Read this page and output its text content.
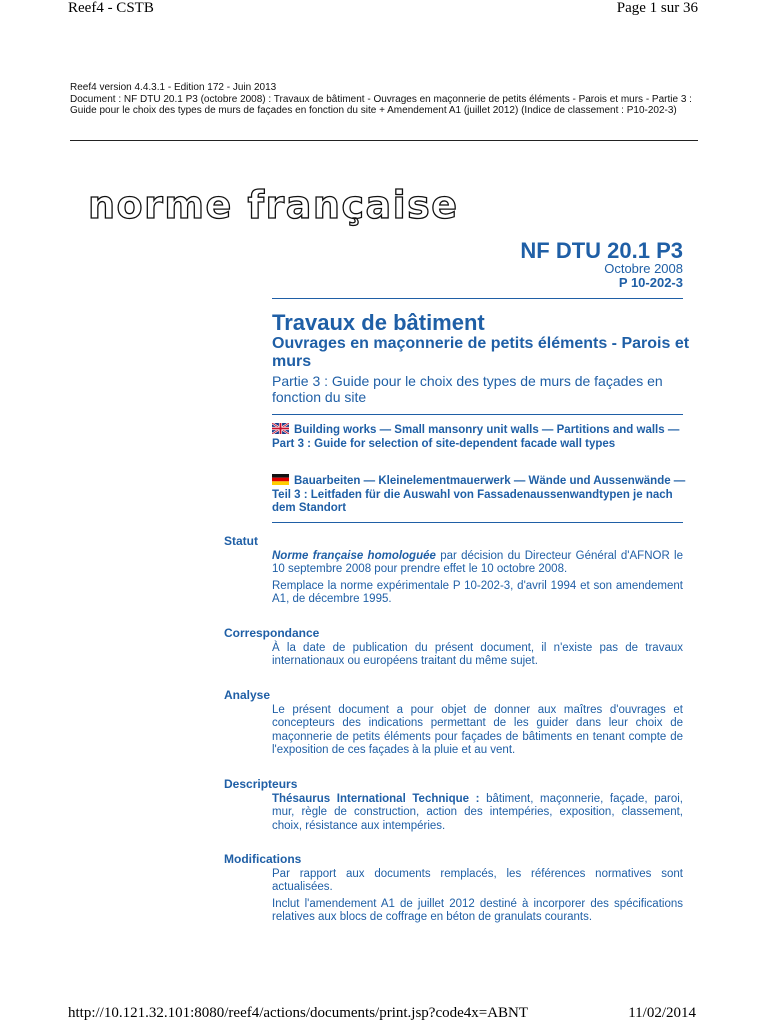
Reef4 - CSTB	Page 1 sur 36
Reef4 version 4.4.3.1 - Edition 172 - Juin 2013
Document : NF DTU 20.1 P3 (octobre 2008) : Travaux de bâtiment - Ouvrages en maçonnerie de petits éléments - Parois et murs - Partie 3 : Guide pour le choix des types de murs de façades en fonction du site + Amendement A1 (juillet 2012) (Indice de classement : P10-202-3)
norme française
NF DTU 20.1 P3
Octobre 2008
P 10-202-3
Travaux de bâtiment
Ouvrages en maçonnerie de petits éléments - Parois et murs
Partie 3 : Guide pour le choix des types de murs de façades en fonction du site
Building works — Small mansonry unit walls — Partitions and walls — Part 3 : Guide for selection of site-dependent facade wall types
Bauarbeiten — Kleinelementmauerwerk — Wände und Aussenwände — Teil 3 : Leitfaden für die Auswahl von Fassadenaussenwandtypen je nach dem Standort
Statut

Norme française homologuée par décision du Directeur Général d'AFNOR le 10 septembre 2008 pour prendre effet le 10 octobre 2008.

Remplace la norme expérimentale P 10-202-3, d'avril 1994 et son amendement A1, de décembre 1995.

Correspondance

À la date de publication du présent document, il n'existe pas de travaux internationaux ou européens traitant du même sujet.

Analyse

Le présent document a pour objet de donner aux maîtres d'ouvrages et concepteurs des indications permettant de les guider dans leur choix de maçonnerie de petits éléments pour façades de bâtiments en tenant compte de l'exposition de ces façades à la pluie et au vent.

Descripteurs

Thésaurus International Technique : bâtiment, maçonnerie, façade, paroi, mur, règle de construction, action des intempéries, exposition, classement, choix, résistance aux intempéries.

Modifications

Par rapport aux documents remplacés, les références normatives sont actualisées.

Inclut l'amendement A1 de juillet 2012 destiné à incorporer des spécifications relatives aux blocs de coffrage en béton de granulats courants.

http://10.121.32.101:8080/reef4/actions/documents/print.jsp?code4x=ABNT	11/02/2014
